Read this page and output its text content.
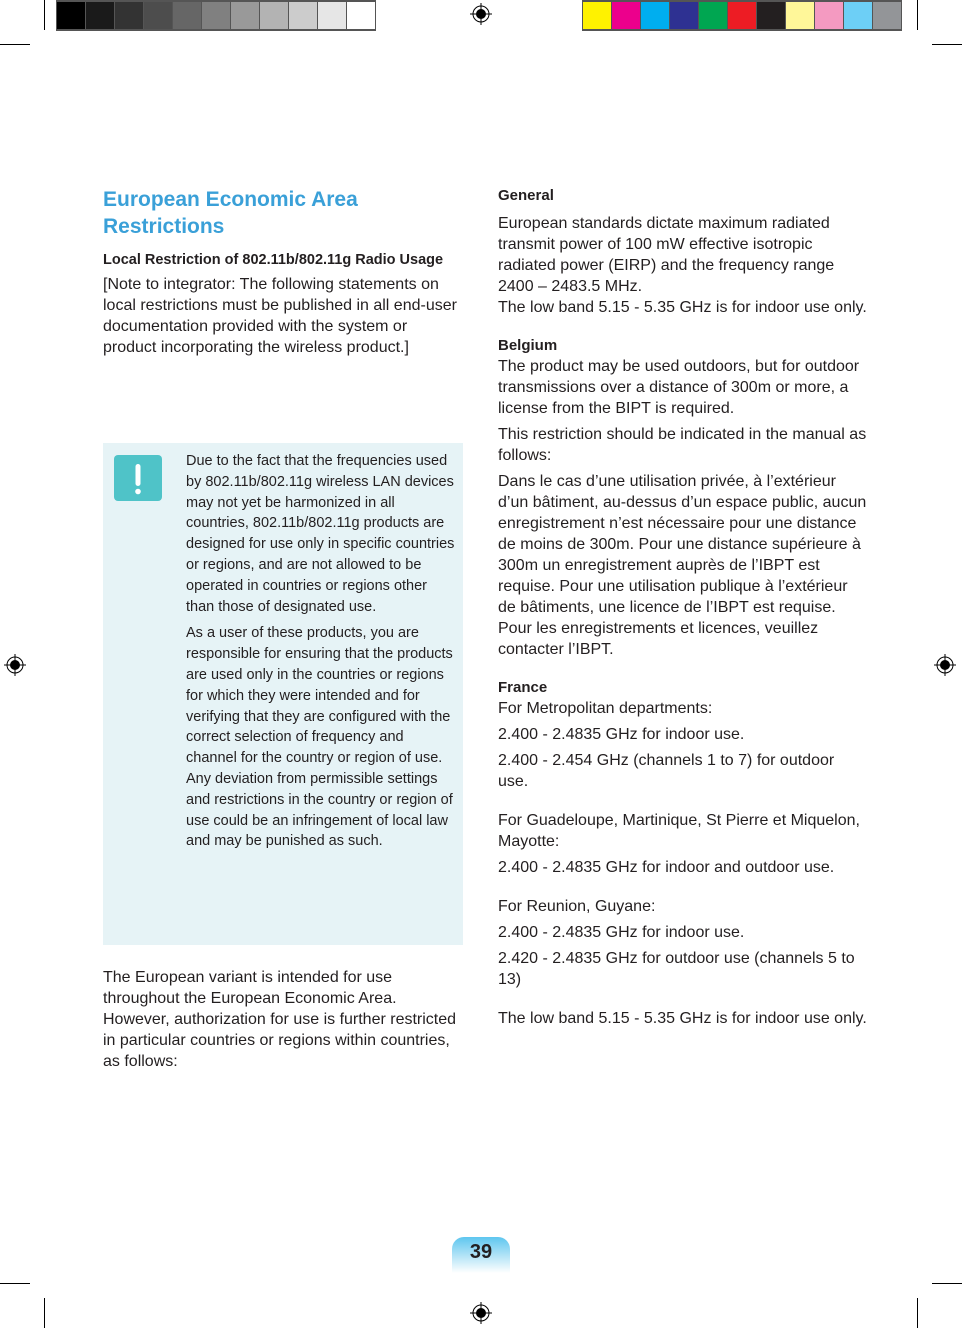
European Economic Area Restrictions
Local Restriction of 802.11b/802.11g Radio Usage

[Note to integrator: The following statements on local restrictions must be published in all end-user documentation provided with the system or product incorporating the wireless product.]

Due to the fact that the frequencies used by 802.11b/802.11g wireless LAN devices may not yet be harmonized in all countries, 802.11b/802.11g products are designed for use only in specific countries or regions, and are not allowed to be operated in countries or regions other than those of designated use.

As a user of these products, you are responsible for ensuring that the products are used only in the countries or regions for which they were intended and for verifying that they are configured with the correct selection of frequency and channel for the country or region of use. Any deviation from permissible settings and restrictions in the country or region of use could be an infringement of local law and may be punished as such.

The European variant is intended for use throughout the European Economic Area. However, authorization for use is further restricted in particular countries or regions within countries, as follows:

General

European standards dictate maximum radiated transmit power of 100 mW effective isotropic radiated power (EIRP) and the frequency range 2400 – 2483.5 MHz.

The low band 5.15 - 5.35 GHz is for indoor use only.

Belgium

The product may be used outdoors, but for outdoor transmissions over a distance of 300m or more, a license from the BIPT is required.

This restriction should be indicated in the manual as follows:

Dans le cas d’une utilisation privée, à l’extérieur d’un bâtiment, au-dessus d’un espace public, aucun enregistrement n’est nécessaire pour une distance de moins de 300m. Pour une distance supérieure à 300m un enregistrement auprès de l’IBPT est requise. Pour une utilisation publique à l’extérieur de bâtiments, une licence de l’IBPT est requise. Pour les enregistrements et licences, veuillez contacter l’IBPT.

France

For Metropolitan departments:

2.400 - 2.4835 GHz for indoor use.

2.400 - 2.454 GHz (channels 1 to 7) for outdoor use.

For Guadeloupe, Martinique, St Pierre et Miquelon, Mayotte:

2.400 - 2.4835 GHz for indoor and outdoor use.

For Reunion, Guyane:

2.400 - 2.4835 GHz for indoor use.

2.420 - 2.4835 GHz for outdoor use (channels 5 to 13)

The low band 5.15 - 5.35 GHz is for indoor use only.

39
